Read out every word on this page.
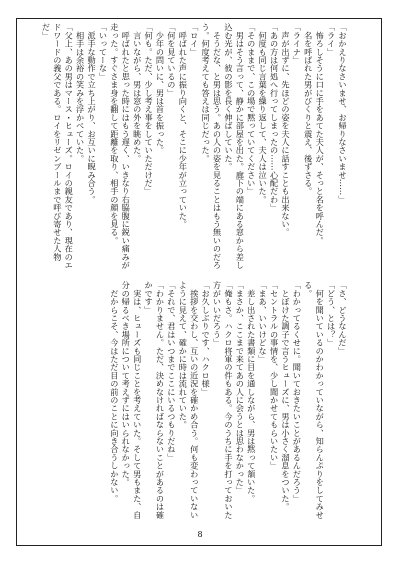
「おかえりなさいませ、お帰りなさいませ……」
「ライ」
　怖ろしそうに口に手をあてた夫人が、そっと名を呼んだ。
　名を呼ばれた男がびくりと震え、後ずさる。
「ライナ」
　声が出ずに、先ほどの姿を夫人に話すことも出来ない。
「あの方は何処へ行ってしまったの……心配だわ」
　何度も同じ言葉を繰り返して、夫人は泣いた。
「そのままで、この場で黙っていてください」
　男はそう言って、静かに部屋を出た。廊下の端にある窓から差し込む光が、彼の影を長く伸ばしていた。
　そうだな、と男は思う。あの人の姿を見ることはもう無いのだろう。何度考えても答えは同じだった。
「ロイ」
　呼ばれた声に振り向くと、そこに少年が立っていた。
「何を見ているの」
　少年の問いに、男は首を振った。
「何も。ただ、少し考え事をしていただけだ」
　言いながら、男は窓の外を眺めた。
　呼ばれたと思った時にはもう遅く、いきなり右脇腹に鋭い痛みが走った。すぐさま身を翻して距離を取り、相手の顔を見る。
「いってーな」
　派手な動作で立ち上がり、お互いに睨み合う。
　相手は余裕の笑みを浮かべていた。
「父上、あの男はマース・ヒューズ。ロイの親友であり、現在のエドワードの義父である。ロイをリゼンブールまで呼び寄せた人物だ」
「さ、どうなんだ」
「どう、とは？」
　何を聞いているのかわかっていながら、知らんぷりをしてみせる。
「わかってるくせに。聞いておきたいことがあるんだろう」
　とぼけた調子で言うヒューズに、男は小さく溜息をついた。
「セントラルの事情を、少し聞かせてもらいたい」
「まあ、いいけどな」
　差し出された書類に目を通しながら、男は黙って頷いた。
「まさか、ここまで来てあの人に会うとは思わなかった」
「俺もさ。ハクロ将軍の件もある。今のうちに手を打っておいた方がいいだろう」
「お久しぶりです、ハクロ様」
　挨拶を交わし、互いの近況を確かめ合う。何も変わっていないように見えて、確かに時は流れていた。
「それで、君はいつまでここにいるつもりだね」
「わかりません。ただ、決めなければならないことがあるのは確かです」
　実は、ヒューズも同じことを考えていた。そして男もまた、自分の帰るべき場所について考えずにはいられなかった。
　だからこそ、今はただ目の前のことに向き合うしかない。
8
